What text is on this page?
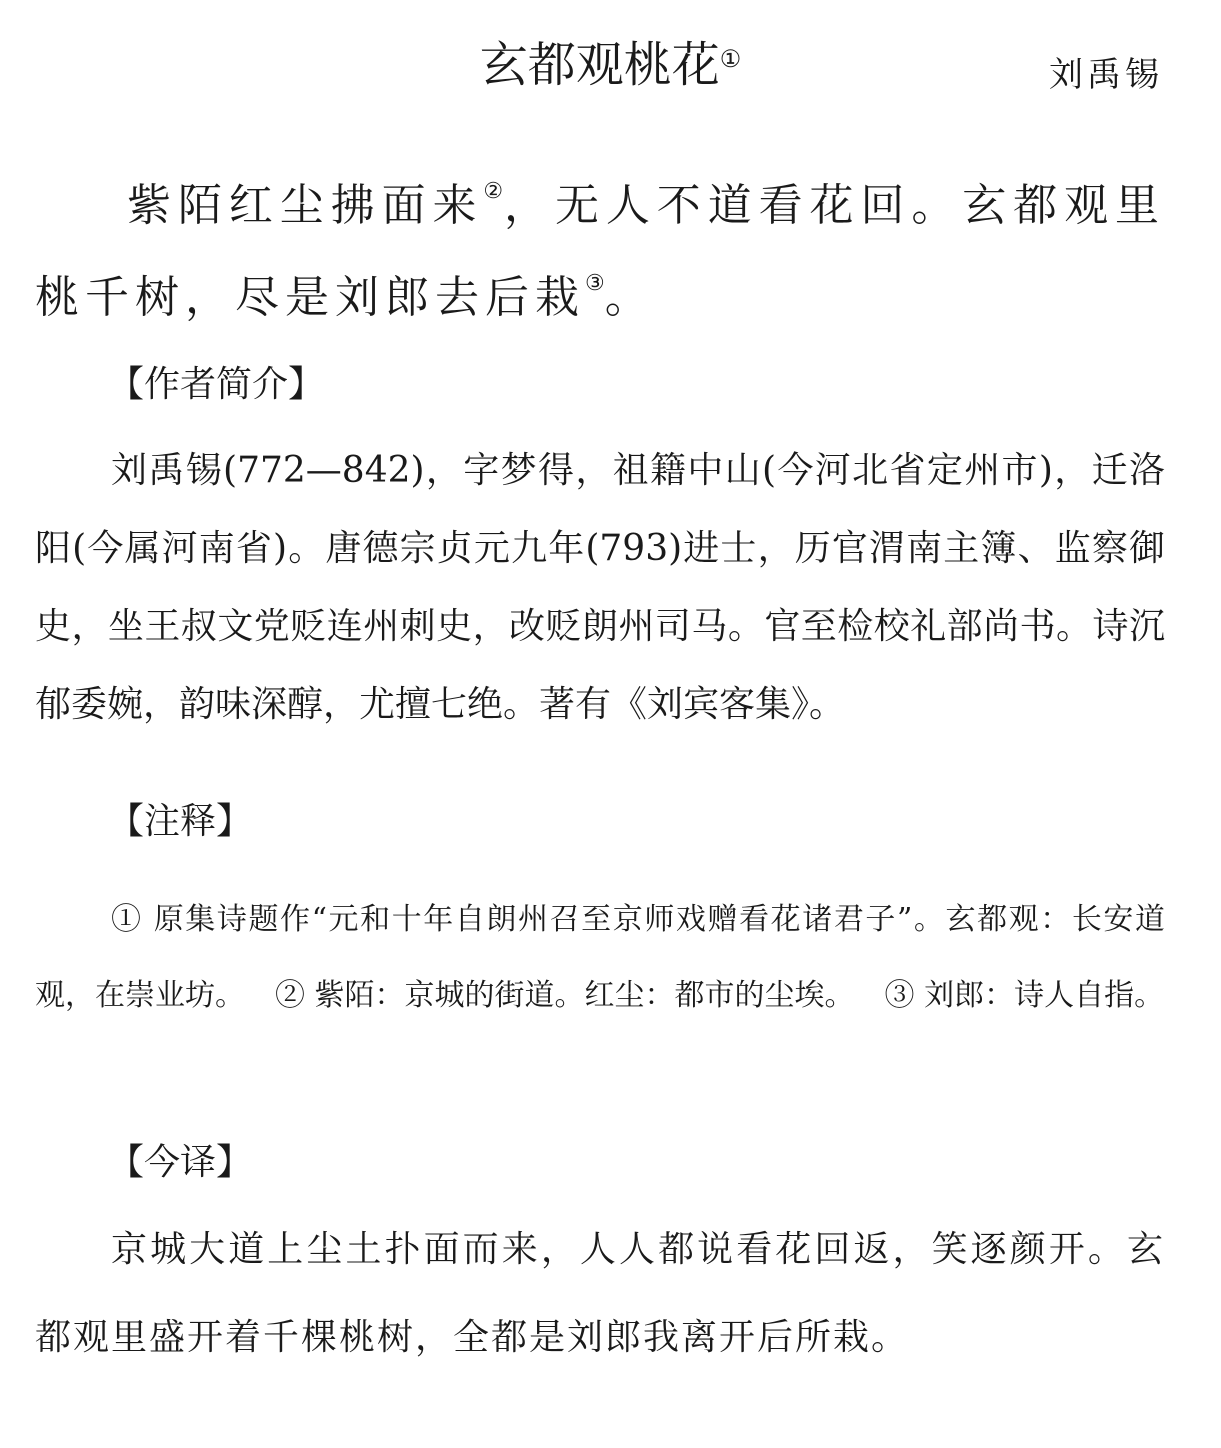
玄都观桃花①	刘禹锡
紫陌红尘拂面来②，无人不道看花回。玄都观里桃千树，尽是刘郎去后栽③。
【作者简介】
刘禹锡(772—842)，字梦得，祖籍中山(今河北省定州市)，迁洛阳(今属河南省)。唐德宗贞元九年(793)进士，历官渭南主簿、监察御史，坐王叔文党贬连州刺史，改贬朗州司马。官至检校礼部尚书。诗沉郁委婉，韵味深醇，尤擅七绝。著有《刘宾客集》。
【注释】
① 原集诗题作“元和十年自朗州召至京师戏赠看花诸君子”。玄都观：长安道观，在崇业坊。 ② 紫陌：京城的街道。红尘：都市的尘埃。 ③ 刘郎：诗人自指。
【今译】
京城大道上尘土扑面而来，人人都说看花回返，笑逐颜开。玄都观里盛开着千棵桃树，全都是刘郎我离开后所栽。
